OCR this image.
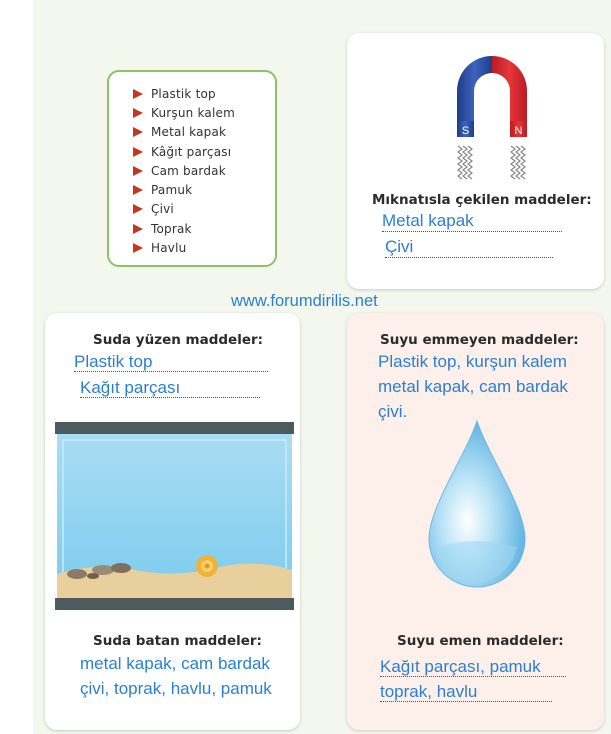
Plastik top
Kurşun kalem
Metal kapak
Kâğıt parçası
Cam bardak
Pamuk
Çivi
Toprak
Havlu
S	N
Mıknatısla çekilen maddeler:
Metal kapak
Çivi
www.forumdirilis.net
Suda yüzen maddeler:
Plastik top
Kağıt parçası
Suda batan maddeler:
metal kapak, cam bardak
çivi, toprak, havlu, pamuk
Suyu emmeyen maddeler:
Plastik top, kurşun kalem
metal kapak, cam bardak
çivi.
Suyu emen maddeler:
Kağıt parçası, pamuk
toprak, havlu
